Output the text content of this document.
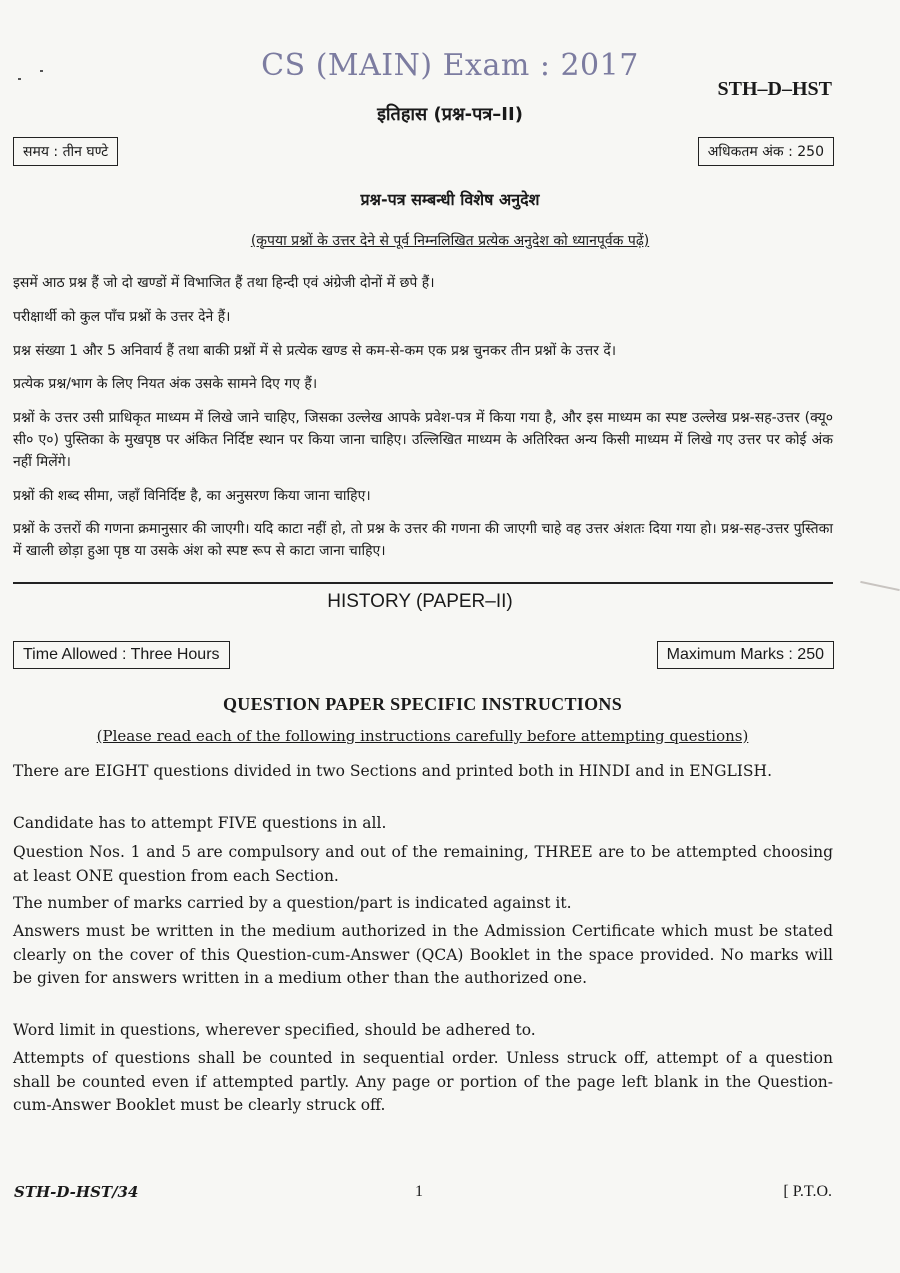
CS (MAIN) Exam : 2017
STH–D–HST
इतिहास (प्रश्न-पत्र–II)
समय : तीन घण्टे	अधिकतम अंक : 250
प्रश्न-पत्र सम्बन्धी विशेष अनुदेश
(कृपया प्रश्नों के उत्तर देने से पूर्व निम्नलिखित प्रत्येक अनुदेश को ध्यानपूर्वक पढ़ें)
इसमें आठ प्रश्न हैं जो दो खण्डों में विभाजित हैं तथा हिन्दी एवं अंग्रेजी दोनों में छपे हैं।
परीक्षार्थी को कुल पाँच प्रश्नों के उत्तर देने हैं।
प्रश्न संख्या 1 और 5 अनिवार्य हैं तथा बाकी प्रश्नों में से प्रत्येक खण्ड से कम-से-कम एक प्रश्न चुनकर तीन प्रश्नों के उत्तर दें।
प्रत्येक प्रश्न/भाग के लिए नियत अंक उसके सामने दिए गए हैं।
प्रश्नों के उत्तर उसी प्राधिकृत माध्यम में लिखे जाने चाहिए, जिसका उल्लेख आपके प्रवेश-पत्र में किया गया है, और इस माध्यम का स्पष्ट उल्लेख प्रश्न-सह-उत्तर (क्यू० सी० ए०) पुस्तिका के मुखपृष्ठ पर अंकित निर्दिष्ट स्थान पर किया जाना चाहिए। उल्लिखित माध्यम के अतिरिक्त अन्य किसी माध्यम में लिखे गए उत्तर पर कोई अंक नहीं मिलेंगे।
प्रश्नों की शब्द सीमा, जहाँ विनिर्दिष्ट है, का अनुसरण किया जाना चाहिए।
प्रश्नों के उत्तरों की गणना क्रमानुसार की जाएगी। यदि काटा नहीं हो, तो प्रश्न के उत्तर की गणना की जाएगी चाहे वह उत्तर अंशतः दिया गया हो। प्रश्न-सह-उत्तर पुस्तिका में खाली छोड़ा हुआ पृष्ठ या उसके अंश को स्पष्ट रूप से काटा जाना चाहिए।
HISTORY (PAPER–II)
Time Allowed : Three Hours	Maximum Marks : 250
QUESTION PAPER SPECIFIC INSTRUCTIONS
(Please read each of the following instructions carefully before attempting questions)
There are EIGHT questions divided in two Sections and printed both in HINDI and in ENGLISH.
Candidate has to attempt FIVE questions in all.
Question Nos. 1 and 5 are compulsory and out of the remaining, THREE are to be attempted choosing at least ONE question from each Section.
The number of marks carried by a question/part is indicated against it.
Answers must be written in the medium authorized in the Admission Certificate which must be stated clearly on the cover of this Question-cum-Answer (QCA) Booklet in the space provided. No marks will be given for answers written in a medium other than the authorized one.
Word limit in questions, wherever specified, should be adhered to.
Attempts of questions shall be counted in sequential order. Unless struck off, attempt of a question shall be counted even if attempted partly. Any page or portion of the page left blank in the Question-cum-Answer Booklet must be clearly struck off.
STH-D-HST/34	1	[ P.T.O.
